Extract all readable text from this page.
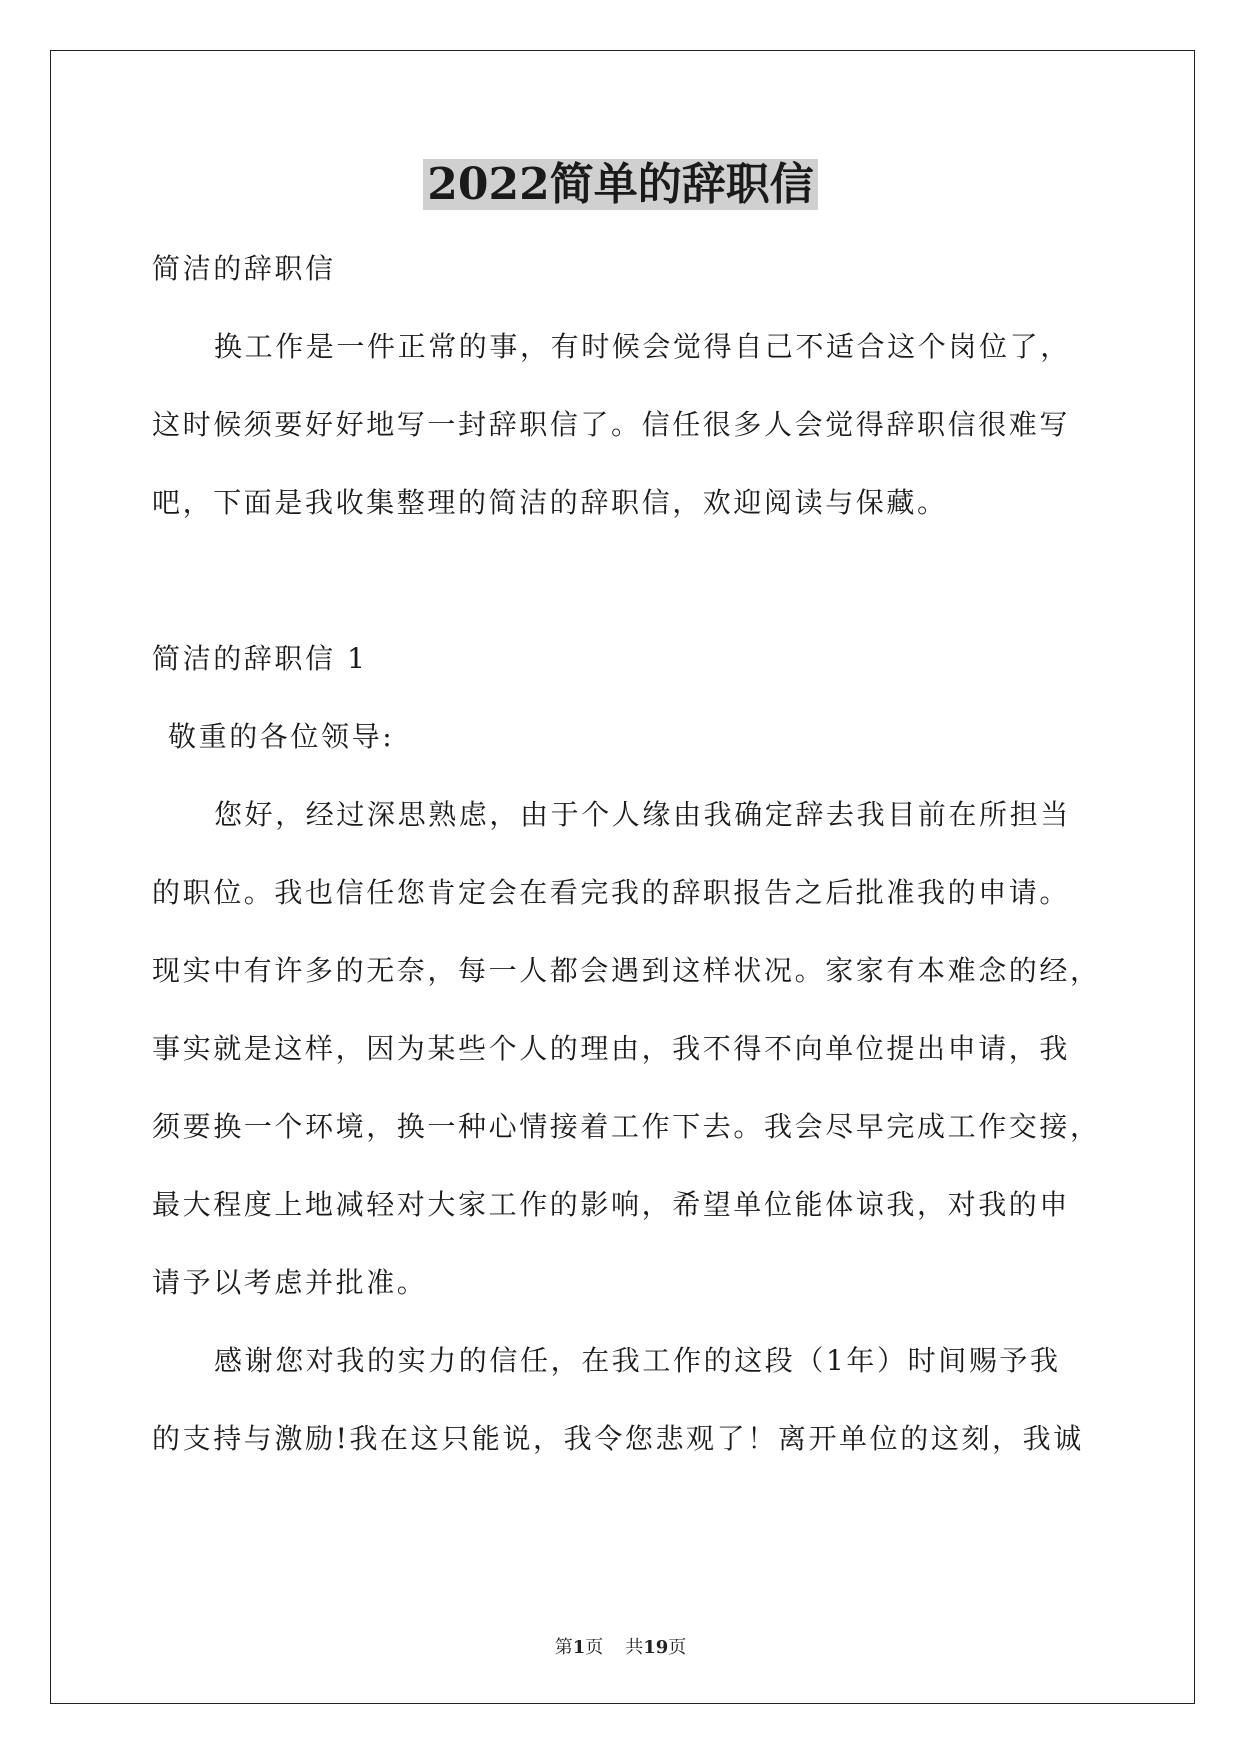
2022简单的辞职信
简洁的辞职信
换工作是一件正常的事，有时候会觉得自己不适合这个岗位了，
这时候须要好好地写一封辞职信了。信任很多人会觉得辞职信很难写
吧，下面是我收集整理的简洁的辞职信，欢迎阅读与保藏。
简洁的辞职信 1
敬重的各位领导:
您好，经过深思熟虑，由于个人缘由我确定辞去我目前在所担当
的职位。我也信任您肯定会在看完我的辞职报告之后批准我的申请。
现实中有许多的无奈，每一人都会遇到这样状况。家家有本难念的经，
事实就是这样，因为某些个人的理由，我不得不向单位提出申请，我
须要换一个环境，换一种心情接着工作下去。我会尽早完成工作交接，
最大程度上地减轻对大家工作的影响，希望单位能体谅我，对我的申
请予以考虑并批准。
感谢您对我的实力的信任，在我工作的这段（1年）时间赐予我
的支持与激励!我在这只能说，我令您悲观了！离开单位的这刻，我诚
第1页 共19页
